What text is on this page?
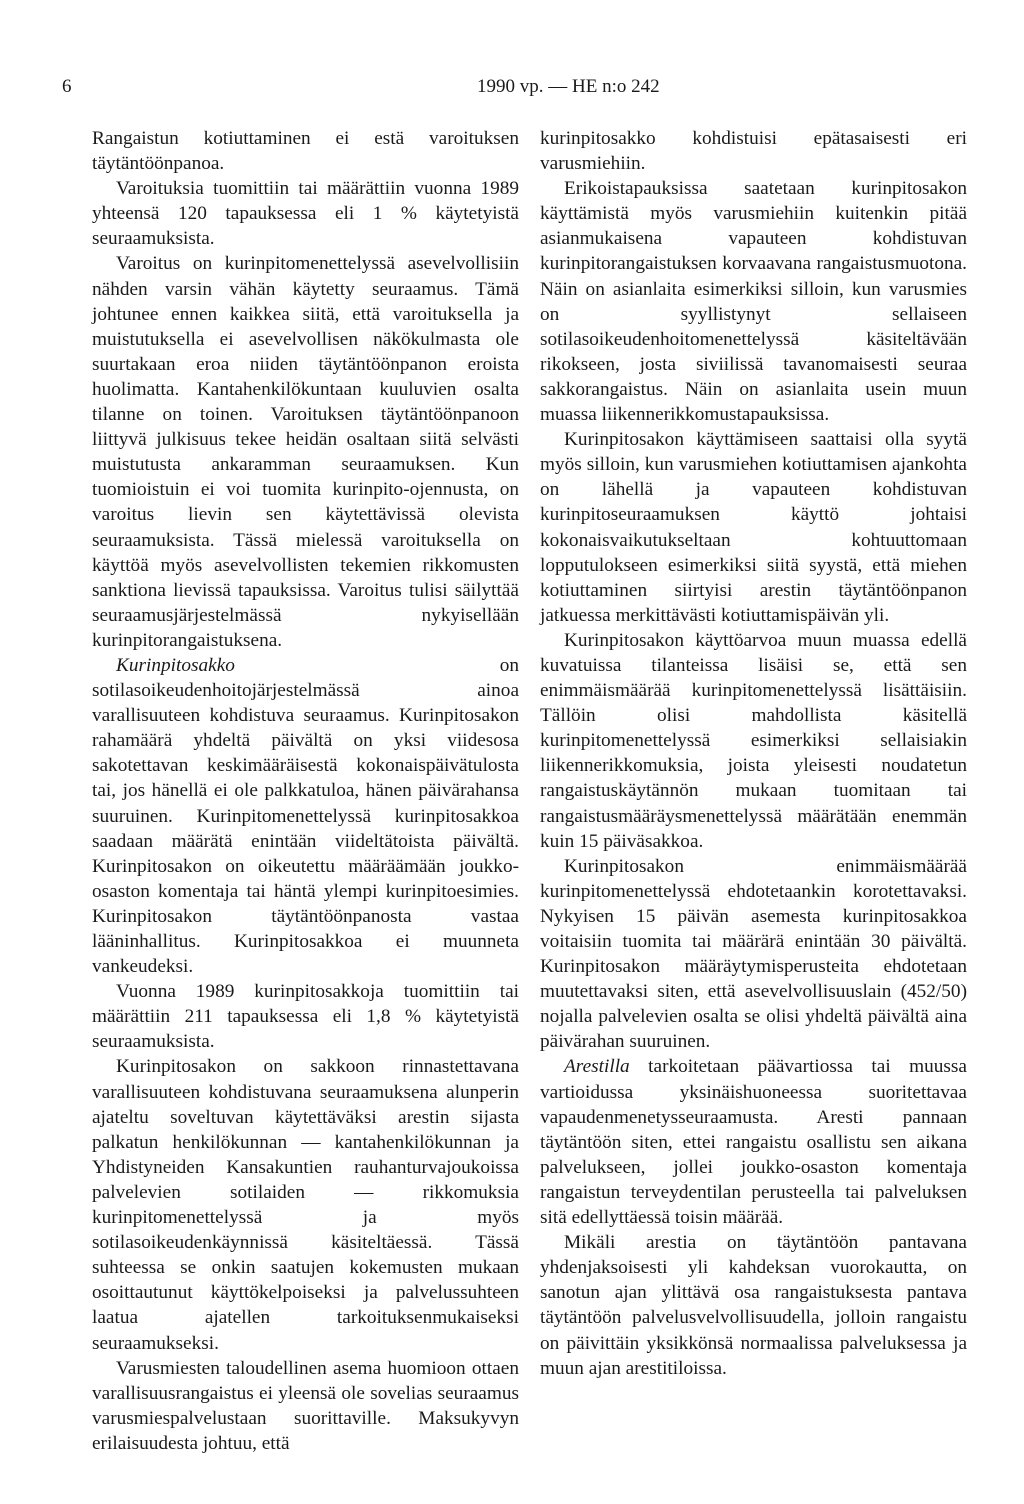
6	1990 vp. — HE n:o 242

Rangaistun kotiuttaminen ei estä varoituksen täytäntöönpanoa.

Varoituksia tuomittiin tai määrättiin vuonna 1989 yhteensä 120 tapauksessa eli 1 % käytetyistä seuraamuksista.

Varoitus on kurinpitomenettelyssä asevelvollisiin nähden varsin vähän käytetty seuraamus. Tämä johtunee ennen kaikkea siitä, että varoituksella ja muistutuksella ei asevelvollisen näkökulmasta ole suurtakaan eroa niiden täytäntöönpanon eroista huolimatta. Kantahenkilökuntaan kuuluvien osalta tilanne on toinen. Varoituksen täytäntöönpanoon liittyvä julkisuus tekee heidän osaltaan siitä selvästi muistutusta ankaramman seuraamuksen. Kun tuomioistuin ei voi tuomita kurinpito-ojennusta, on varoitus lievin sen käytettävissä olevista seuraamuksista. Tässä mielessä varoituksella on käyttöä myös asevelvollisten tekemien rikkomusten sanktiona lievissä tapauksissa. Varoitus tulisi säilyttää seuraamusjärjestelmässä nykyisellään kurinpitorangaistuksena.

Kurinpitosakko on sotilasoikeudenhoitojärjestelmässä ainoa varallisuuteen kohdistuva seuraamus. Kurinpitosakon rahamäärä yhdeltä päivältä on yksi viidesosa sakotettavan keskimääräisestä kokonaispäivätulosta tai, jos hänellä ei ole palkkatuloa, hänen päivärahansa suuruinen. Kurinpitomenettelyssä kurinpitosakkoa saadaan määrätä enintään viideltätoista päivältä. Kurinpitosakon on oikeutettu määräämään joukko-osaston komentaja tai häntä ylempi kurinpitoesimies. Kurinpitosakon täytäntöönpanosta vastaa lääninhallitus. Kurinpitosakkoa ei muunneta vankeudeksi.

Vuonna 1989 kurinpitosakkoja tuomittiin tai määrättiin 211 tapauksessa eli 1,8 % käytetyistä seuraamuksista.

Kurinpitosakon on sakkoon rinnastettavana varallisuuteen kohdistuvana seuraamuksena alunperin ajateltu soveltuvan käytettäväksi arestin sijasta palkatun henkilökunnan — kantahenkilökunnan ja Yhdistyneiden Kansakuntien rauhanturvajoukoissa palvelevien sotilaiden — rikkomuksia kurinpitomenettelyssä ja myös sotilasoikeudenkäynnissä käsiteltäessä. Tässä suhteessa se onkin saatujen kokemusten mukaan osoittautunut käyttökelpoiseksi ja palvelussuhteen laatua ajatellen tarkoituksenmukaiseksi seuraamukseksi.

Varusmiesten taloudellinen asema huomioon ottaen varallisuusrangaistus ei yleensä ole sovelias seuraamus varusmiespalvelustaan suorittaville. Maksukyvyn erilaisuudesta johtuu, että

kurinpitosakko kohdistuisi epätasaisesti eri varusmiehiin.

Erikoistapauksissa saatetaan kurinpitosakon käyttämistä myös varusmiehiin kuitenkin pitää asianmukaisena vapauteen kohdistuvan kurinpitorangaistuksen korvaavana rangaistusmuotona. Näin on asianlaita esimerkiksi silloin, kun varusmies on syyllistynyt sellaiseen sotilasoikeudenhoitomenettelyssä käsiteltävään rikokseen, josta siviilissä tavanomaisesti seuraa sakkorangaistus. Näin on asianlaita usein muun muassa liikennerikkomustapauksissa.

Kurinpitosakon käyttämiseen saattaisi olla syytä myös silloin, kun varusmiehen kotiuttamisen ajankohta on lähellä ja vapauteen kohdistuvan kurinpitoseuraamuksen käyttö johtaisi kokonaisvaikutukseltaan kohtuuttomaan lopputulokseen esimerkiksi siitä syystä, että miehen kotiuttaminen siirtyisi arestin täytäntöönpanon jatkuessa merkittävästi kotiuttamispäivän yli.

Kurinpitosakon käyttöarvoa muun muassa edellä kuvatuissa tilanteissa lisäisi se, että sen enimmäismäärää kurinpitomenettelyssä lisättäisiin. Tällöin olisi mahdollista käsitellä kurinpitomenettelyssä esimerkiksi sellaisiakin liikennerikkomuksia, joista yleisesti noudatetun rangaistuskäytännön mukaan tuomitaan tai rangaistusmääräysmenettelyssä määrätään enemmän kuin 15 päiväsakkoa.

Kurinpitosakon enimmäismäärää kurinpitomenettelyssä ehdotetaankin korotettavaksi. Nykyisen 15 päivän asemesta kurinpitosakkoa voitaisiin tuomita tai määrärä enintään 30 päivältä. Kurinpitosakon määräytymisperusteita ehdotetaan muutettavaksi siten, että asevelvollisuuslain (452/50) nojalla palvelevien osalta se olisi yhdeltä päivältä aina päivärahan suuruinen.

Arestilla tarkoitetaan päävartiossa tai muussa vartioidussa yksinäishuoneessa suoritettavaa vapaudenmenetysseuraamusta. Aresti pannaan täytäntöön siten, ettei rangaistu osallistu sen aikana palvelukseen, jollei joukko-osaston komentaja rangaistun terveydentilan perusteella tai palveluksen sitä edellyttäessä toisin määrää.

Mikäli arestia on täytäntöön pantavana yhdenjaksoisesti yli kahdeksan vuorokautta, on sanotun ajan ylittävä osa rangaistuksesta pantava täytäntöön palvelusvelvollisuudella, jolloin rangaistu on päivittäin yksikkönsä normaalissa palveluksessa ja muun ajan arestitiloissa.
